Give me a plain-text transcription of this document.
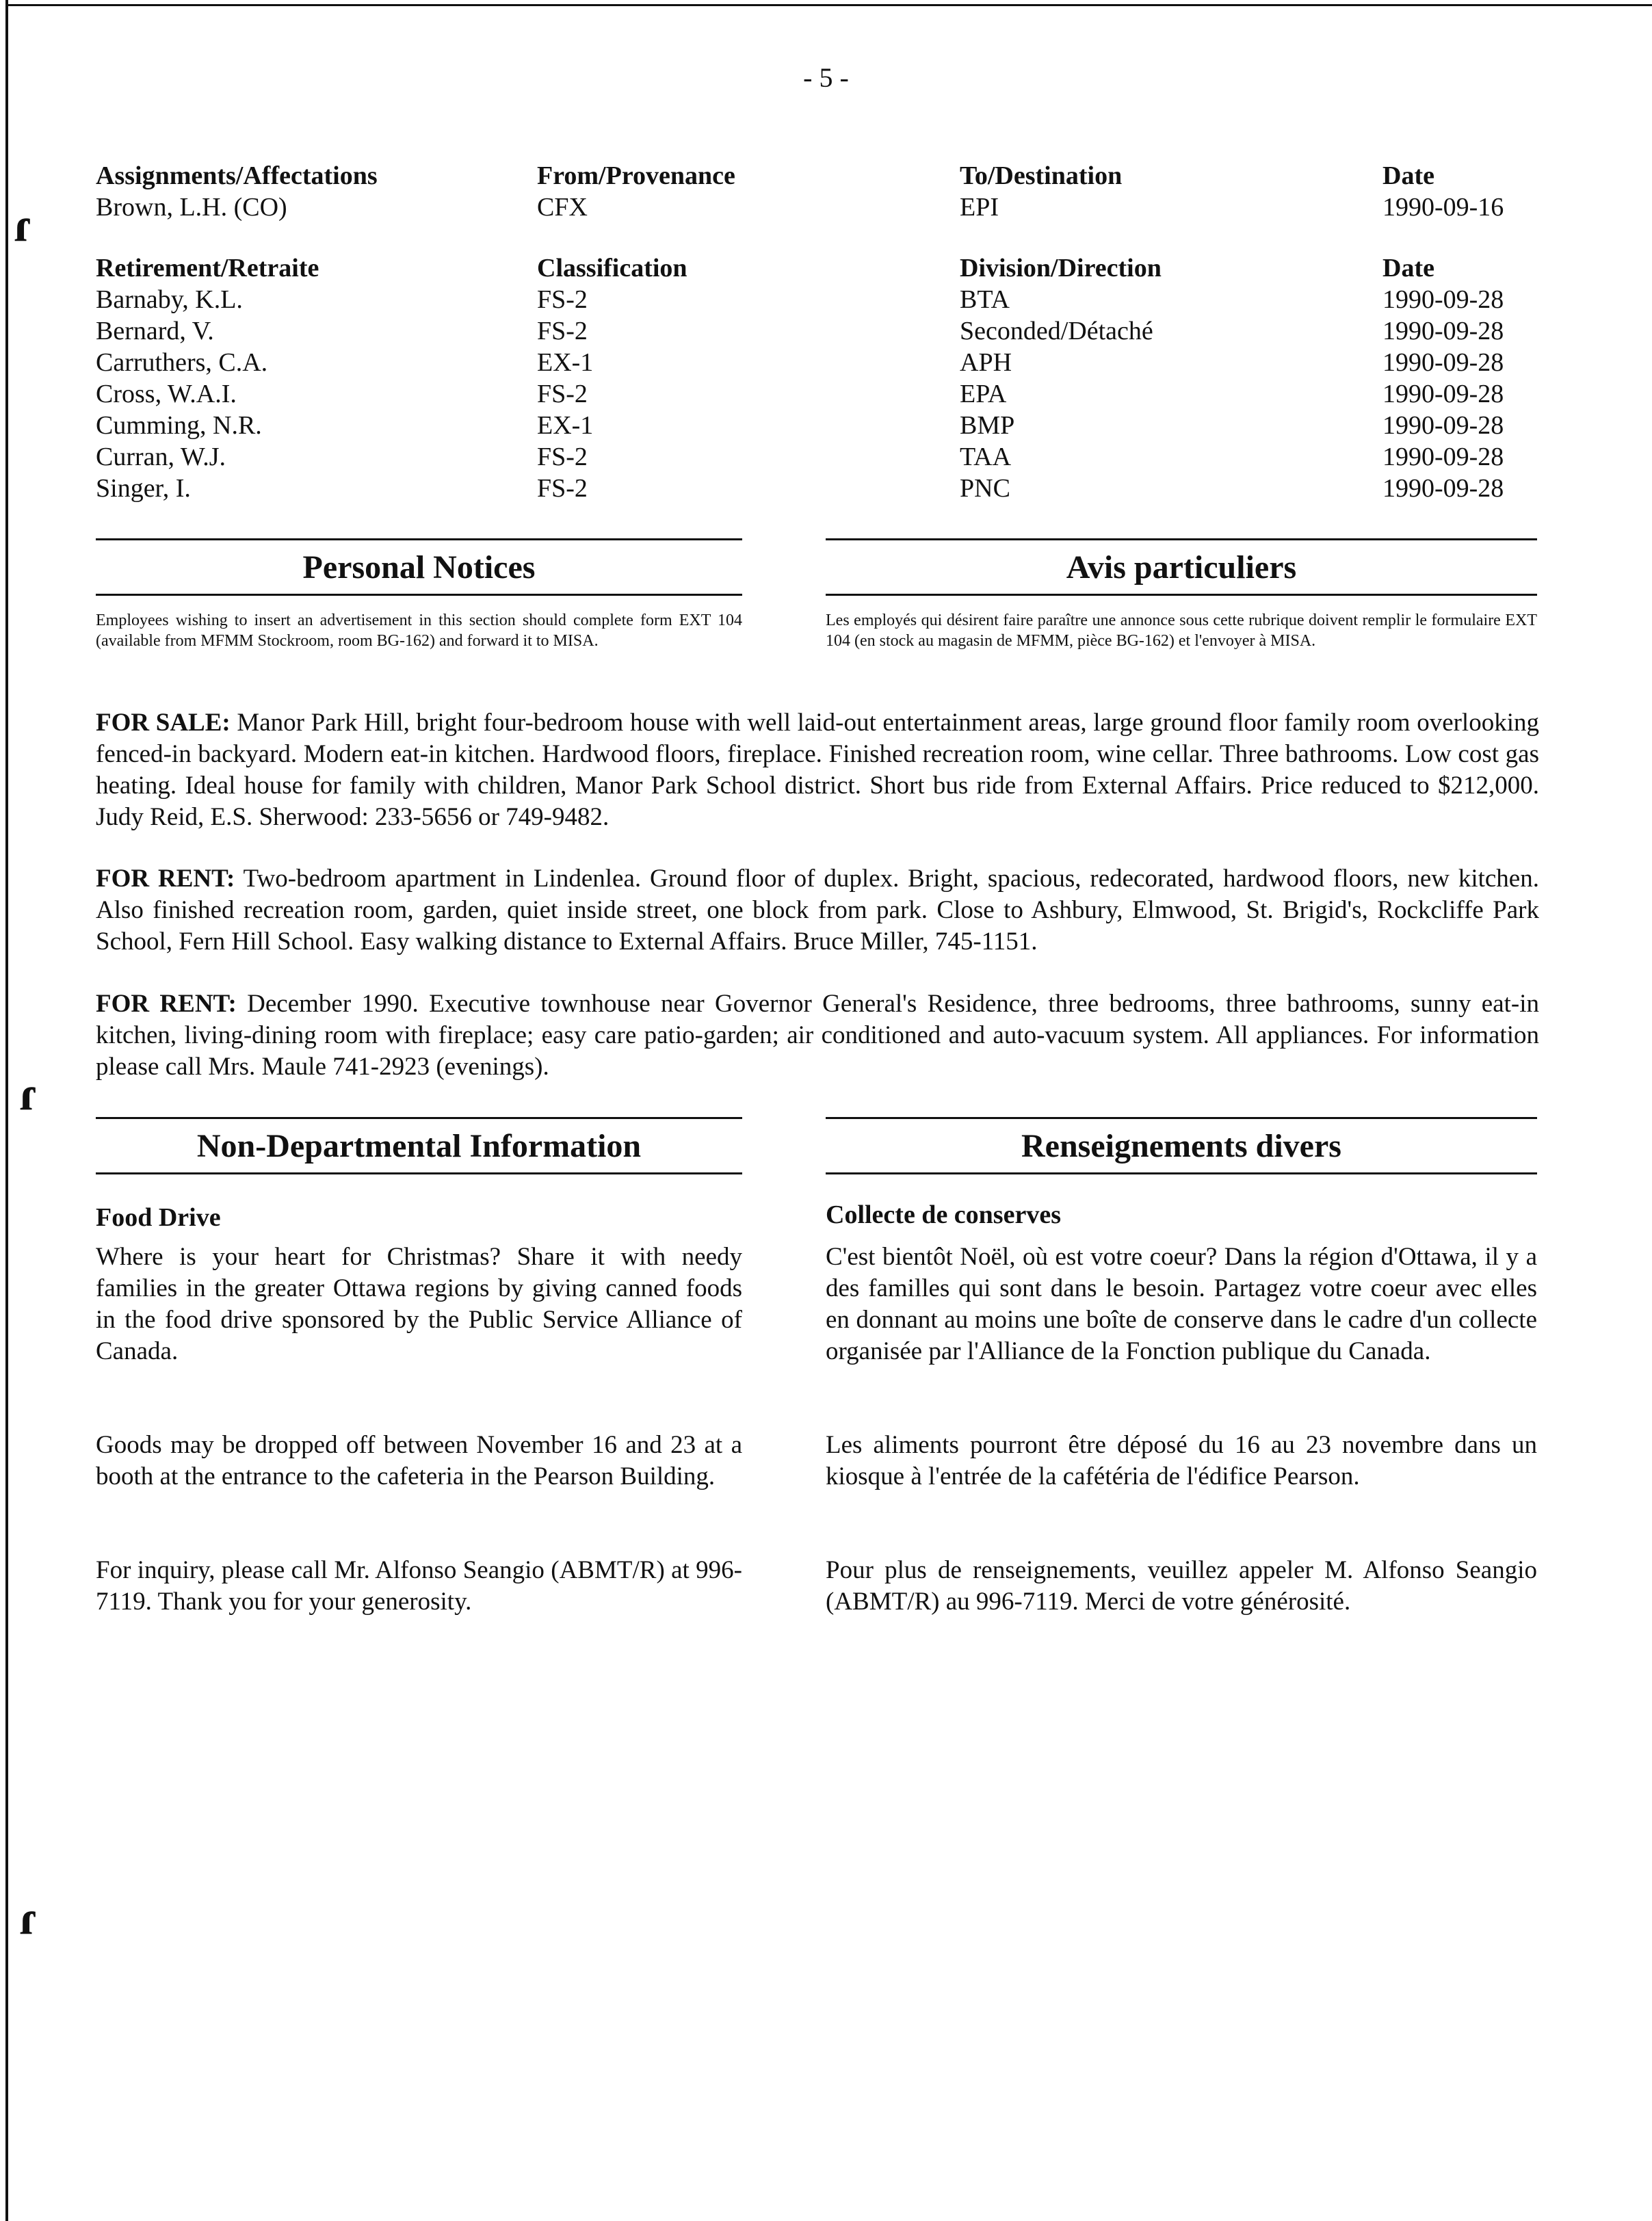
ɾ
ɾ
ɾ
- 5 -
Assignments/Affectations	From/Provenance	To/Destination	Date
Brown, L.H. (CO)	CFX	EPI	1990-09-16
Retirement/Retraite	Classification	Division/Direction	Date
Barnaby, K.L.	FS-2	BTA	1990-09-28
Bernard, V.	FS-2	Seconded/Détaché	1990-09-28
Carruthers, C.A.	EX-1	APH	1990-09-28
Cross, W.A.I.	FS-2	EPA	1990-09-28
Cumming, N.R.	EX-1	BMP	1990-09-28
Curran, W.J.	FS-2	TAA	1990-09-28
Singer, I.	FS-2	PNC	1990-09-28
Personal Notices	Avis particuliers
Employees wishing to insert an advertisement in this section should complete form EXT 104 (available from MFMM Stockroom, room BG-162) and forward it to MISA.
Les employés qui désirent faire paraître une annonce sous cette rubrique doivent remplir le formulaire EXT 104 (en stock au magasin de MFMM, pièce BG-162) et l'envoyer à MISA.
FOR SALE: Manor Park Hill, bright four-bedroom house with well laid-out entertainment areas, large ground floor family room overlooking fenced-in backyard. Modern eat-in kitchen. Hardwood floors, fireplace. Finished recreation room, wine cellar. Three bathrooms. Low cost gas heating. Ideal house for family with children, Manor Park School district. Short bus ride from External Affairs. Price reduced to $212,000. Judy Reid, E.S. Sherwood: 233-5656 or 749-9482.
FOR RENT: Two-bedroom apartment in Lindenlea. Ground floor of duplex. Bright, spacious, redecorated, hardwood floors, new kitchen. Also finished recreation room, garden, quiet inside street, one block from park. Close to Ashbury, Elmwood, St. Brigid's, Rockcliffe Park School, Fern Hill School. Easy walking distance to External Affairs. Bruce Miller, 745-1151.
FOR RENT: December 1990. Executive townhouse near Governor General's Residence, three bedrooms, three bathrooms, sunny eat-in kitchen, living-dining room with fireplace; easy care patio-garden; air conditioned and auto-vacuum system. All appliances. For information please call Mrs. Maule 741-2923 (evenings).
Non-Departmental Information	Renseignements divers
Food Drive	Collecte de conserves
Where is your heart for Christmas? Share it with needy families in the greater Ottawa regions by giving canned foods in the food drive sponsored by the Public Service Alliance of Canada.
Goods may be dropped off between November 16 and 23 at a booth at the entrance to the cafeteria in the Pearson Building.
For inquiry, please call Mr. Alfonso Seangio (ABMT/R) at 996-7119. Thank you for your generosity.
C'est bientôt Noël, où est votre coeur? Dans la région d'Ottawa, il y a des familles qui sont dans le besoin. Partagez votre coeur avec elles en donnant au moins une boîte de conserve dans le cadre d'un collecte organisée par l'Alliance de la Fonction publique du Canada.
Les aliments pourront être déposé du 16 au 23 novembre dans un kiosque à l'entrée de la cafétéria de l'édifice Pearson.
Pour plus de renseignements, veuillez appeler M. Alfonso Seangio (ABMT/R) au 996-7119. Merci de votre générosité.
